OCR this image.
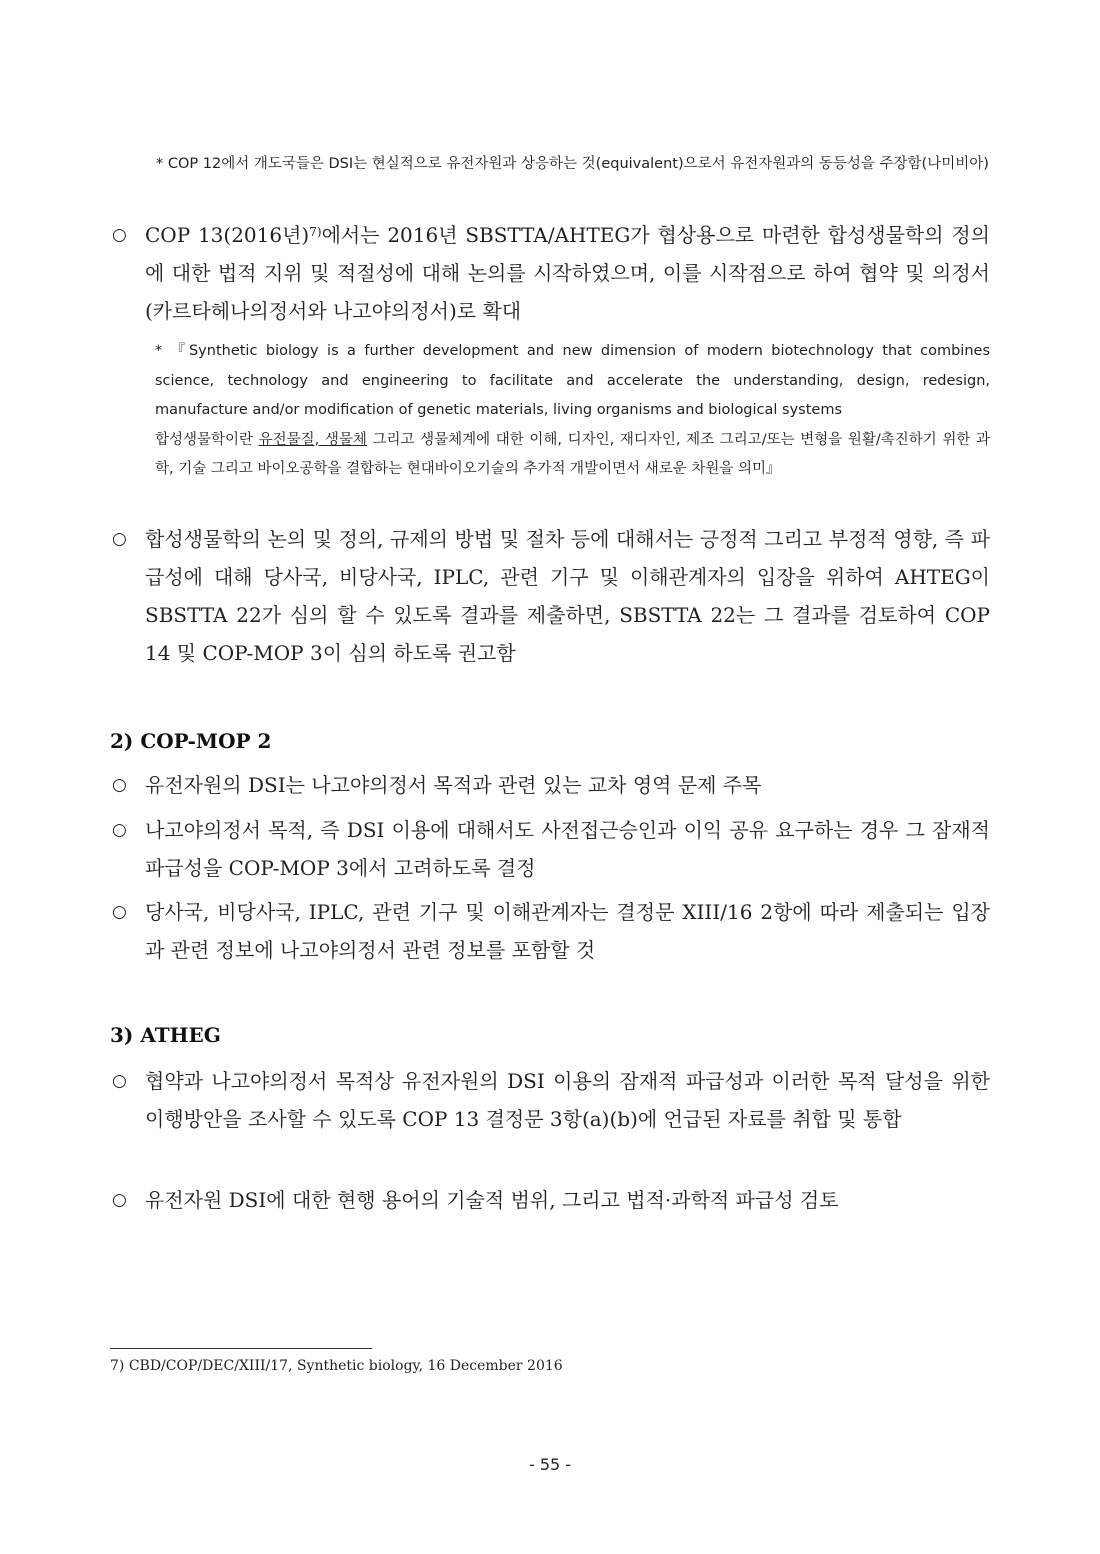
* COP 12에서 개도국들은 DSI는 현실적으로 유전자원과 상응하는 것(equivalent)으로서 유전자원과의 동등성을 주장함(나미비아)
○ COP 13(2016년)$^{7)}$에서는 2016년 SBSTTA/AHTEG가 협상용으로 마련한 합성생물학의 정의에 대한 법적 지위 및 적절성에 대해 논의를 시작하였으며, 이를 시작점으로 하여 협약 및 의정서(카르타헤나의정서와 나고야의정서)로 확대
* 『Synthetic biology is a further development and new dimension of modern biotechnology that combines science, technology and engineering to facilitate and accelerate the understanding, design, redesign, manufacture and/or modification of genetic materials, living organisms and biological systems
합성생물학이란 유전물질, 생물체 그리고 생물체계에 대한 이해, 디자인, 재디자인, 제조 그리고/또는 변형을 원활/촉진하기 위한 과학, 기술 그리고 바이오공학을 결합하는 현대바이오기술의 추가적 개발이면서 새로운 차원을 의미』
○ 합성생물학의 논의 및 정의, 규제의 방법 및 절차 등에 대해서는 긍정적 그리고 부정적 영향, 즉 파급성에 대해 당사국, 비당사국, IPLC, 관련 기구 및 이해관계자의 입장을 위하여 AHTEG이 SBSTTA 22가 심의 할 수 있도록 결과를 제출하면, SBSTTA 22는 그 결과를 검토하여 COP 14 및 COP-MOP 3이 심의 하도록 권고함
2) COP-MOP 2
○ 유전자원의 DSI는 나고야의정서 목적과 관련 있는 교차 영역 문제 주목
○ 나고야의정서 목적, 즉 DSI 이용에 대해서도 사전접근승인과 이익 공유 요구하는 경우 그 잠재적 파급성을 COP-MOP 3에서 고려하도록 결정
○ 당사국, 비당사국, IPLC, 관련 기구 및 이해관계자는 결정문 XIII/16 2항에 따라 제출되는 입장과 관련 정보에 나고야의정서 관련 정보를 포함할 것
3) ATHEG
○ 협약과 나고야의정서 목적상 유전자원의 DSI 이용의 잠재적 파급성과 이러한 목적 달성을 위한 이행방안을 조사할 수 있도록 COP 13 결정문 3항(a)(b)에 언급된 자료를 취합 및 통합
○ 유전자원 DSI에 대한 현행 용어의 기술적 범위, 그리고 법적·과학적 파급성 검토
7) CBD/COP/DEC/XIII/17, Synthetic biology, 16 December 2016
- 55 -
